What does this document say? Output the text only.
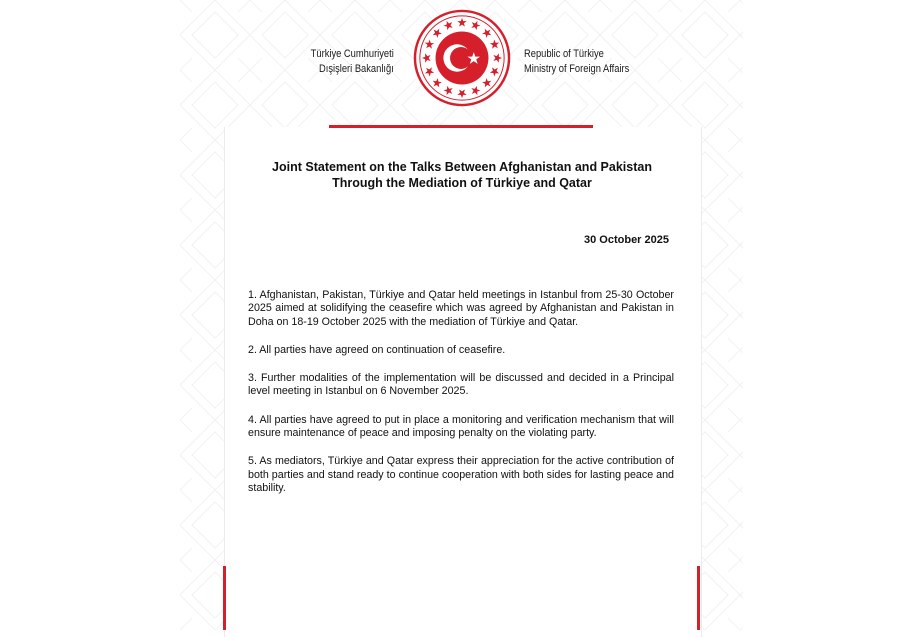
Türkiye Cumhuriyeti
Dışişleri Bakanlığı
Republic of Türkiye
Ministry of Foreign Affairs
Joint Statement on the Talks Between Afghanistan and Pakistan
Through the Mediation of Türkiye and Qatar
30 October 2025

1. Afghanistan, Pakistan, Türkiye and Qatar held meetings in Istanbul from 25-30 October 2025 aimed at solidifying the ceasefire which was agreed by Afghanistan and Pakistan in Doha on 18-19 October 2025 with the mediation of Türkiye and Qatar.

2. All parties have agreed on continuation of ceasefire.

3. Further modalities of the implementation will be discussed and decided in a Principal level meeting in Istanbul on 6 November 2025.

4. All parties have agreed to put in place a monitoring and verification mechanism that will ensure maintenance of peace and imposing penalty on the violating party.

5. As mediators, Türkiye and Qatar express their appreciation for the active contribution of both parties and stand ready to continue cooperation with both sides for lasting peace and stability.
